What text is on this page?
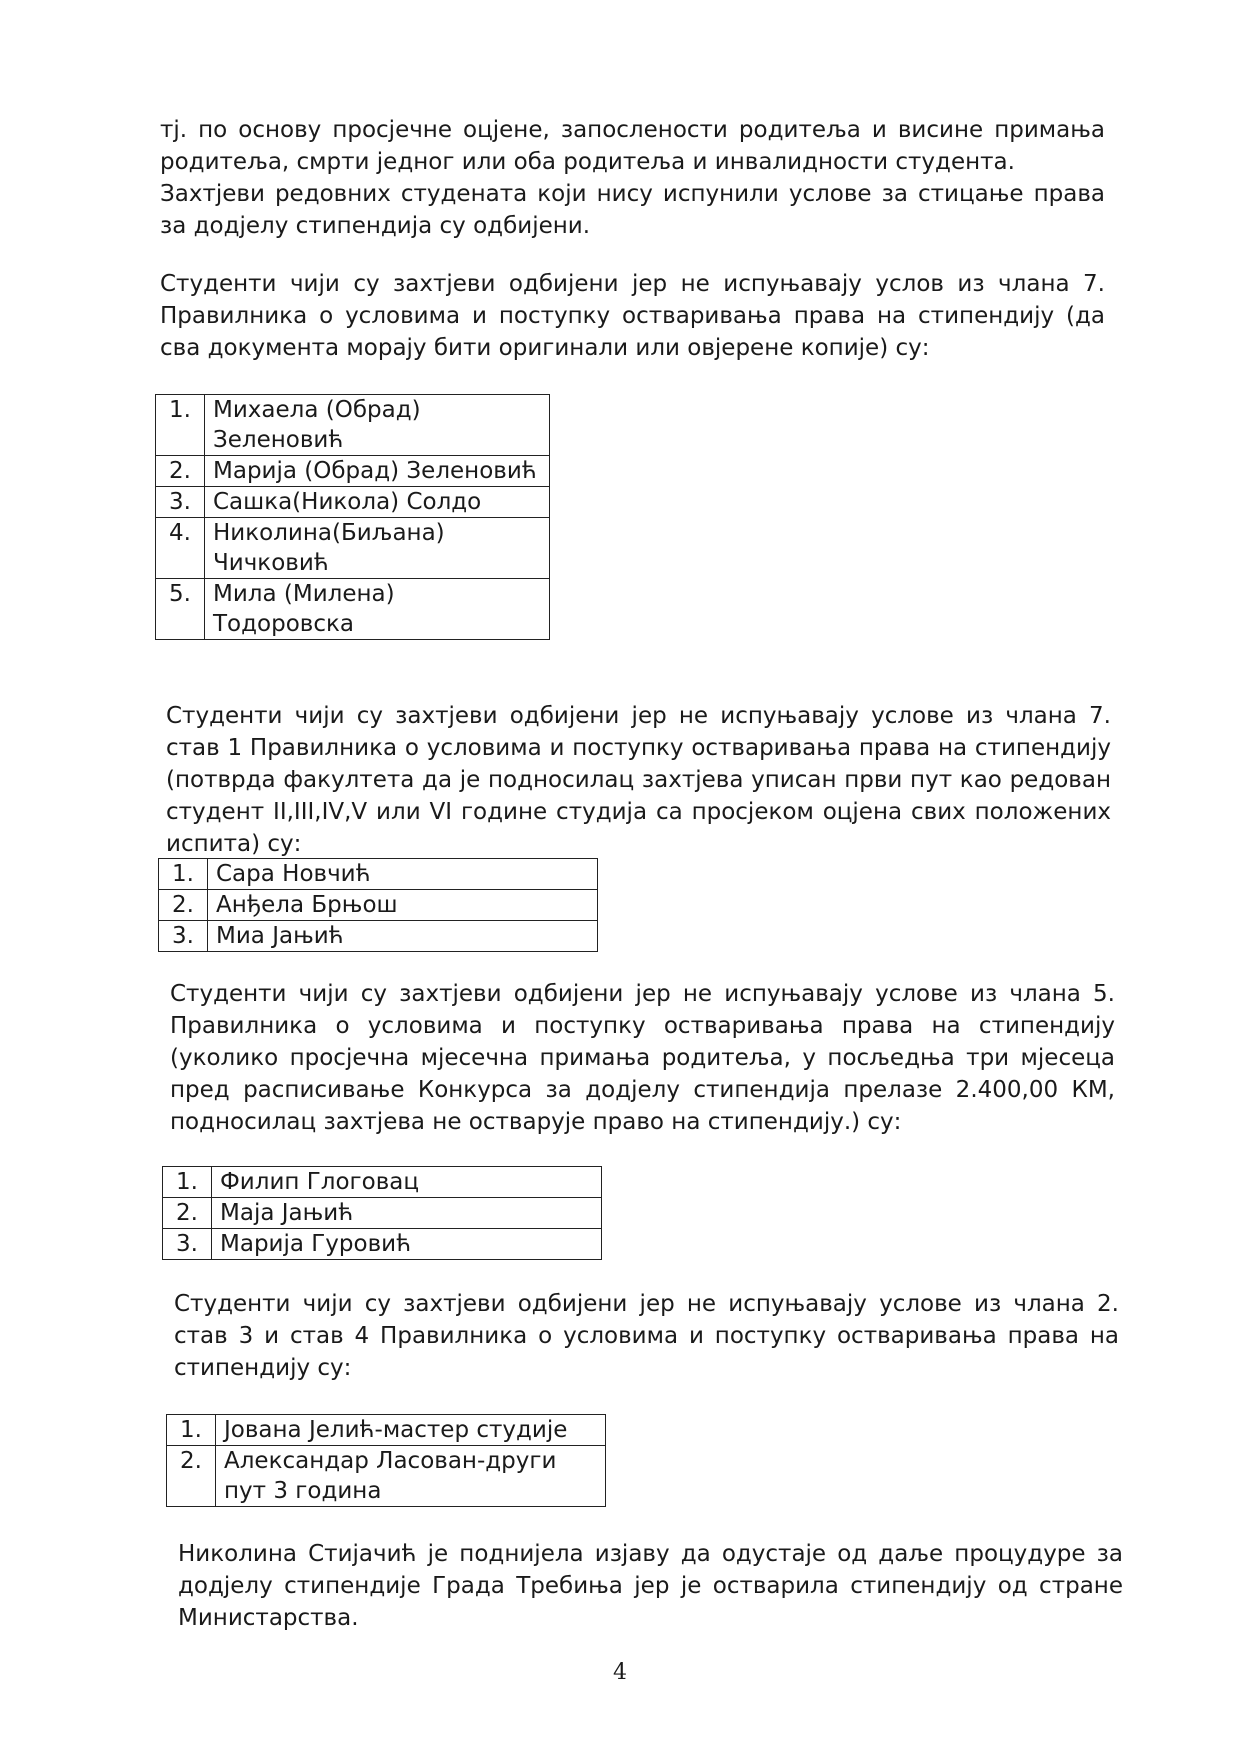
тј. по основу просјечне оцјене, запослености родитеља и висине примања родитеља, смрти једног или оба родитеља и инвалидности студента.

Захтјеви редовних студената који нису испунили услове за стицање права за додјелу стипендија су одбијени.

Студенти чији су захтјеви одбијени јер не испуњавају услов из члана 7. Правилника о условима и поступку остваривања права на стипендију (да сва документа морају бити оригинали или овјерене копије) су:

1.	Михаела (Обрад) Зеленовић
2.	Марија (Обрад) Зеленовић
3.	Сашка(Никола) Солдо
4.	Николина(Биљана) Чичковић
5.	Мила (Милена) Тодоровска

Студенти чији су захтјеви одбијени јер не испуњавају услове из члана 7. став 1 Правилника о условима и поступку остваривања права на стипендију (потврда факултета да је подносилац захтјева уписан први пут као редован студент II,III,IV,V или VI године студија са просјеком оцјена свих положених испита) су:

1.	Сара Новчић
2.	Анђела Брњош
3.	Миа Јањић

Студенти чији су захтјеви одбијени јер не испуњавају услове из члана 5. Правилника о условима и поступку остваривања права на стипендију (уколико просјечна мјесечна примања родитеља, у посљедња три мјесеца пред расписивање Конкурса за додјелу стипендија прелазе 2.400,00 КМ, подносилац захтјева не остварује право на стипендију.) су:

1.	Филип Глоговац
2.	Маја Јањић
3.	Марија Гуровић

Студенти чији су захтјеви одбијени јер не испуњавају услове из члана 2. став 3 и став 4 Правилника о условима и поступку остваривања права на стипендију су:

1.	Јована Јелић-мастер студије
2.	Александар Ласован-други пут 3 година

Николина Стијачић је поднијела изјаву да одустаје од даље процудуре за додјелу стипендије Града Требиња јер је остварила стипендију од стране Министарства.

4
